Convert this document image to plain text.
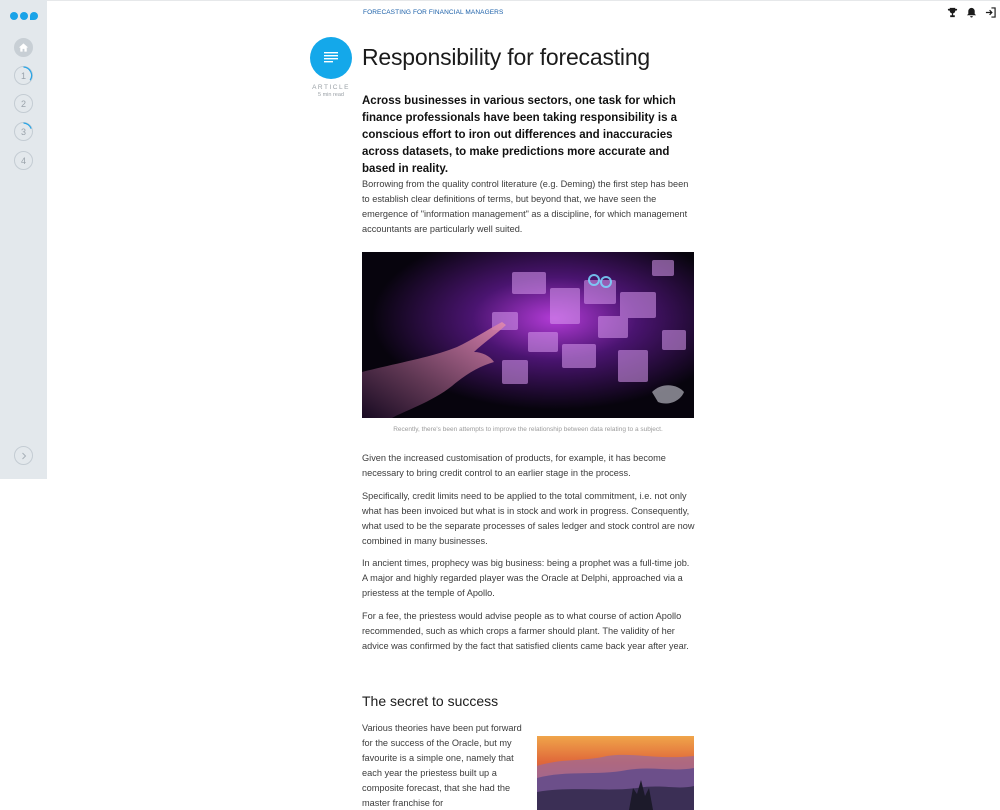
1
2
3
4
FORECASTING FOR FINANCIAL MANAGERS
ARTICLE
5 min read
Responsibility for forecasting
Across businesses in various sectors, one task for which finance professionals have been taking responsibility is a conscious effort to iron out differences and inaccuracies across datasets, to make predictions more accurate and based in reality.
Borrowing from the quality control literature (e.g. Deming) the first step has been to establish clear definitions of terms, but beyond that, we have seen the emergence of "information management" as a discipline, for which management accountants are particularly well suited.
Recently, there's been attempts to improve the relationship between data relating to a subject.
Given the increased customisation of products, for example, it has become necessary to bring credit control to an earlier stage in the process.
Specifically, credit limits need to be applied to the total commitment, i.e. not only what has been invoiced but what is in stock and work in progress. Consequently, what used to be the separate processes of sales ledger and stock control are now combined in many businesses.
In ancient times, prophecy was big business: being a prophet was a full-time job. A major and highly regarded player was the Oracle at Delphi, approached via a priestess at the temple of Apollo.
For a fee, the priestess would advise people as to what course of action Apollo recommended, such as which crops a farmer should plant. The validity of her advice was confirmed by the fact that satisfied clients came back year after year.
The secret to success
Various theories have been put forward for the success of the Oracle, but my favourite is a simple one, namely that each year the priestess built up a composite forecast, that she had the master franchise for
